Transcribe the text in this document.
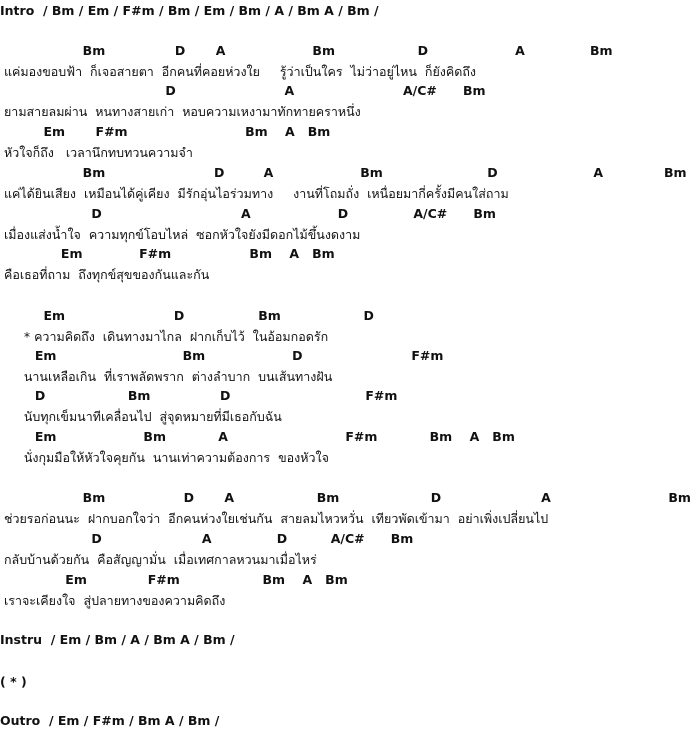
Intro  / Bm / Em / F#m / Bm / Em / Bm / A / Bm A / Bm /
Bm                D       A                    Bm                   D                    A               Bm
แค่มองขอบฟ้า  ก็เจอสายตา  อีกคนที่คอยห่วงใย     รู้ว่าเป็นใคร  ไม่ว่าอยู่ไหน  ก็ยังคิดถึง
D                         A                         A/C#      Bm
ยามสายลมผ่าน  หนทางสายเก่า  หอบความเหงามาทักทายคราหนึ่ง
Em       F#m                           Bm    A   Bm
หัวใจก็ถึง   เวลานึกทบทวนความจำ
Bm                         D         A                    Bm                        D                      A              Bm
แค่ได้ยินเสียง  เหมือนได้คู่เคียง  มีรักอุ่นไอร่วมทาง     งานที่โถมถั่ง  เหนื่อยมากี่ครั้งมีคนใส่ถาม
D                                A                    D               A/C#      Bm
เมื่องแส่งน้ำใจ  ความทุกข์โอบไหล่  ซอกหัวใจยังมีดอกไม้ขึ้นงดงาม
Em             F#m                  Bm    A   Bm
คือเธอที่ถาม  ถึงทุกข์สุขของกันและกัน
Em                         D                 Bm                   D
* ความคิดถึง  เดินทางมาไกล  ฝากเก็บไว้  ในอ้อมกอดรัก
Em                             Bm                    D                         F#m
นานเหลือเกิน  ที่เราพลัดพราก  ต่างลำบาก  บนเส้นทางฝัน
D                   Bm                D                               F#m
นับทุกเข็มนาทีเคลื่อนไป  สู่จุดหมายที่มีเธอกับฉัน
Em                    Bm            A                           F#m            Bm    A   Bm
นั่งกุมมือให้หัวใจคุยกัน  นานเท่าความต้องการ  ของหัวใจ
Bm                  D       A                   Bm                     D                       A                           Bm
ช่วยรอก่อนนะ  ฝากบอกใจว่า  อีกคนห่วงใยเช่นกัน  สายลมไหวหวั่น  เทียวพัดเข้ามา  อย่าเพิ่งเปลี่ยนไป
D                       A               D          A/C#      Bm
กลับบ้านด้วยกัน  คือสัญญามั่น  เมื่อเทศกาลหวนมาเมื่อไหร่
Em              F#m                   Bm    A   Bm
เราจะเคียงใจ  สู่ปลายทางของความคิดถึง
Instru  / Em / Bm / A / Bm A / Bm /
( * )
Outro  / Em / F#m / Bm A / Bm /
